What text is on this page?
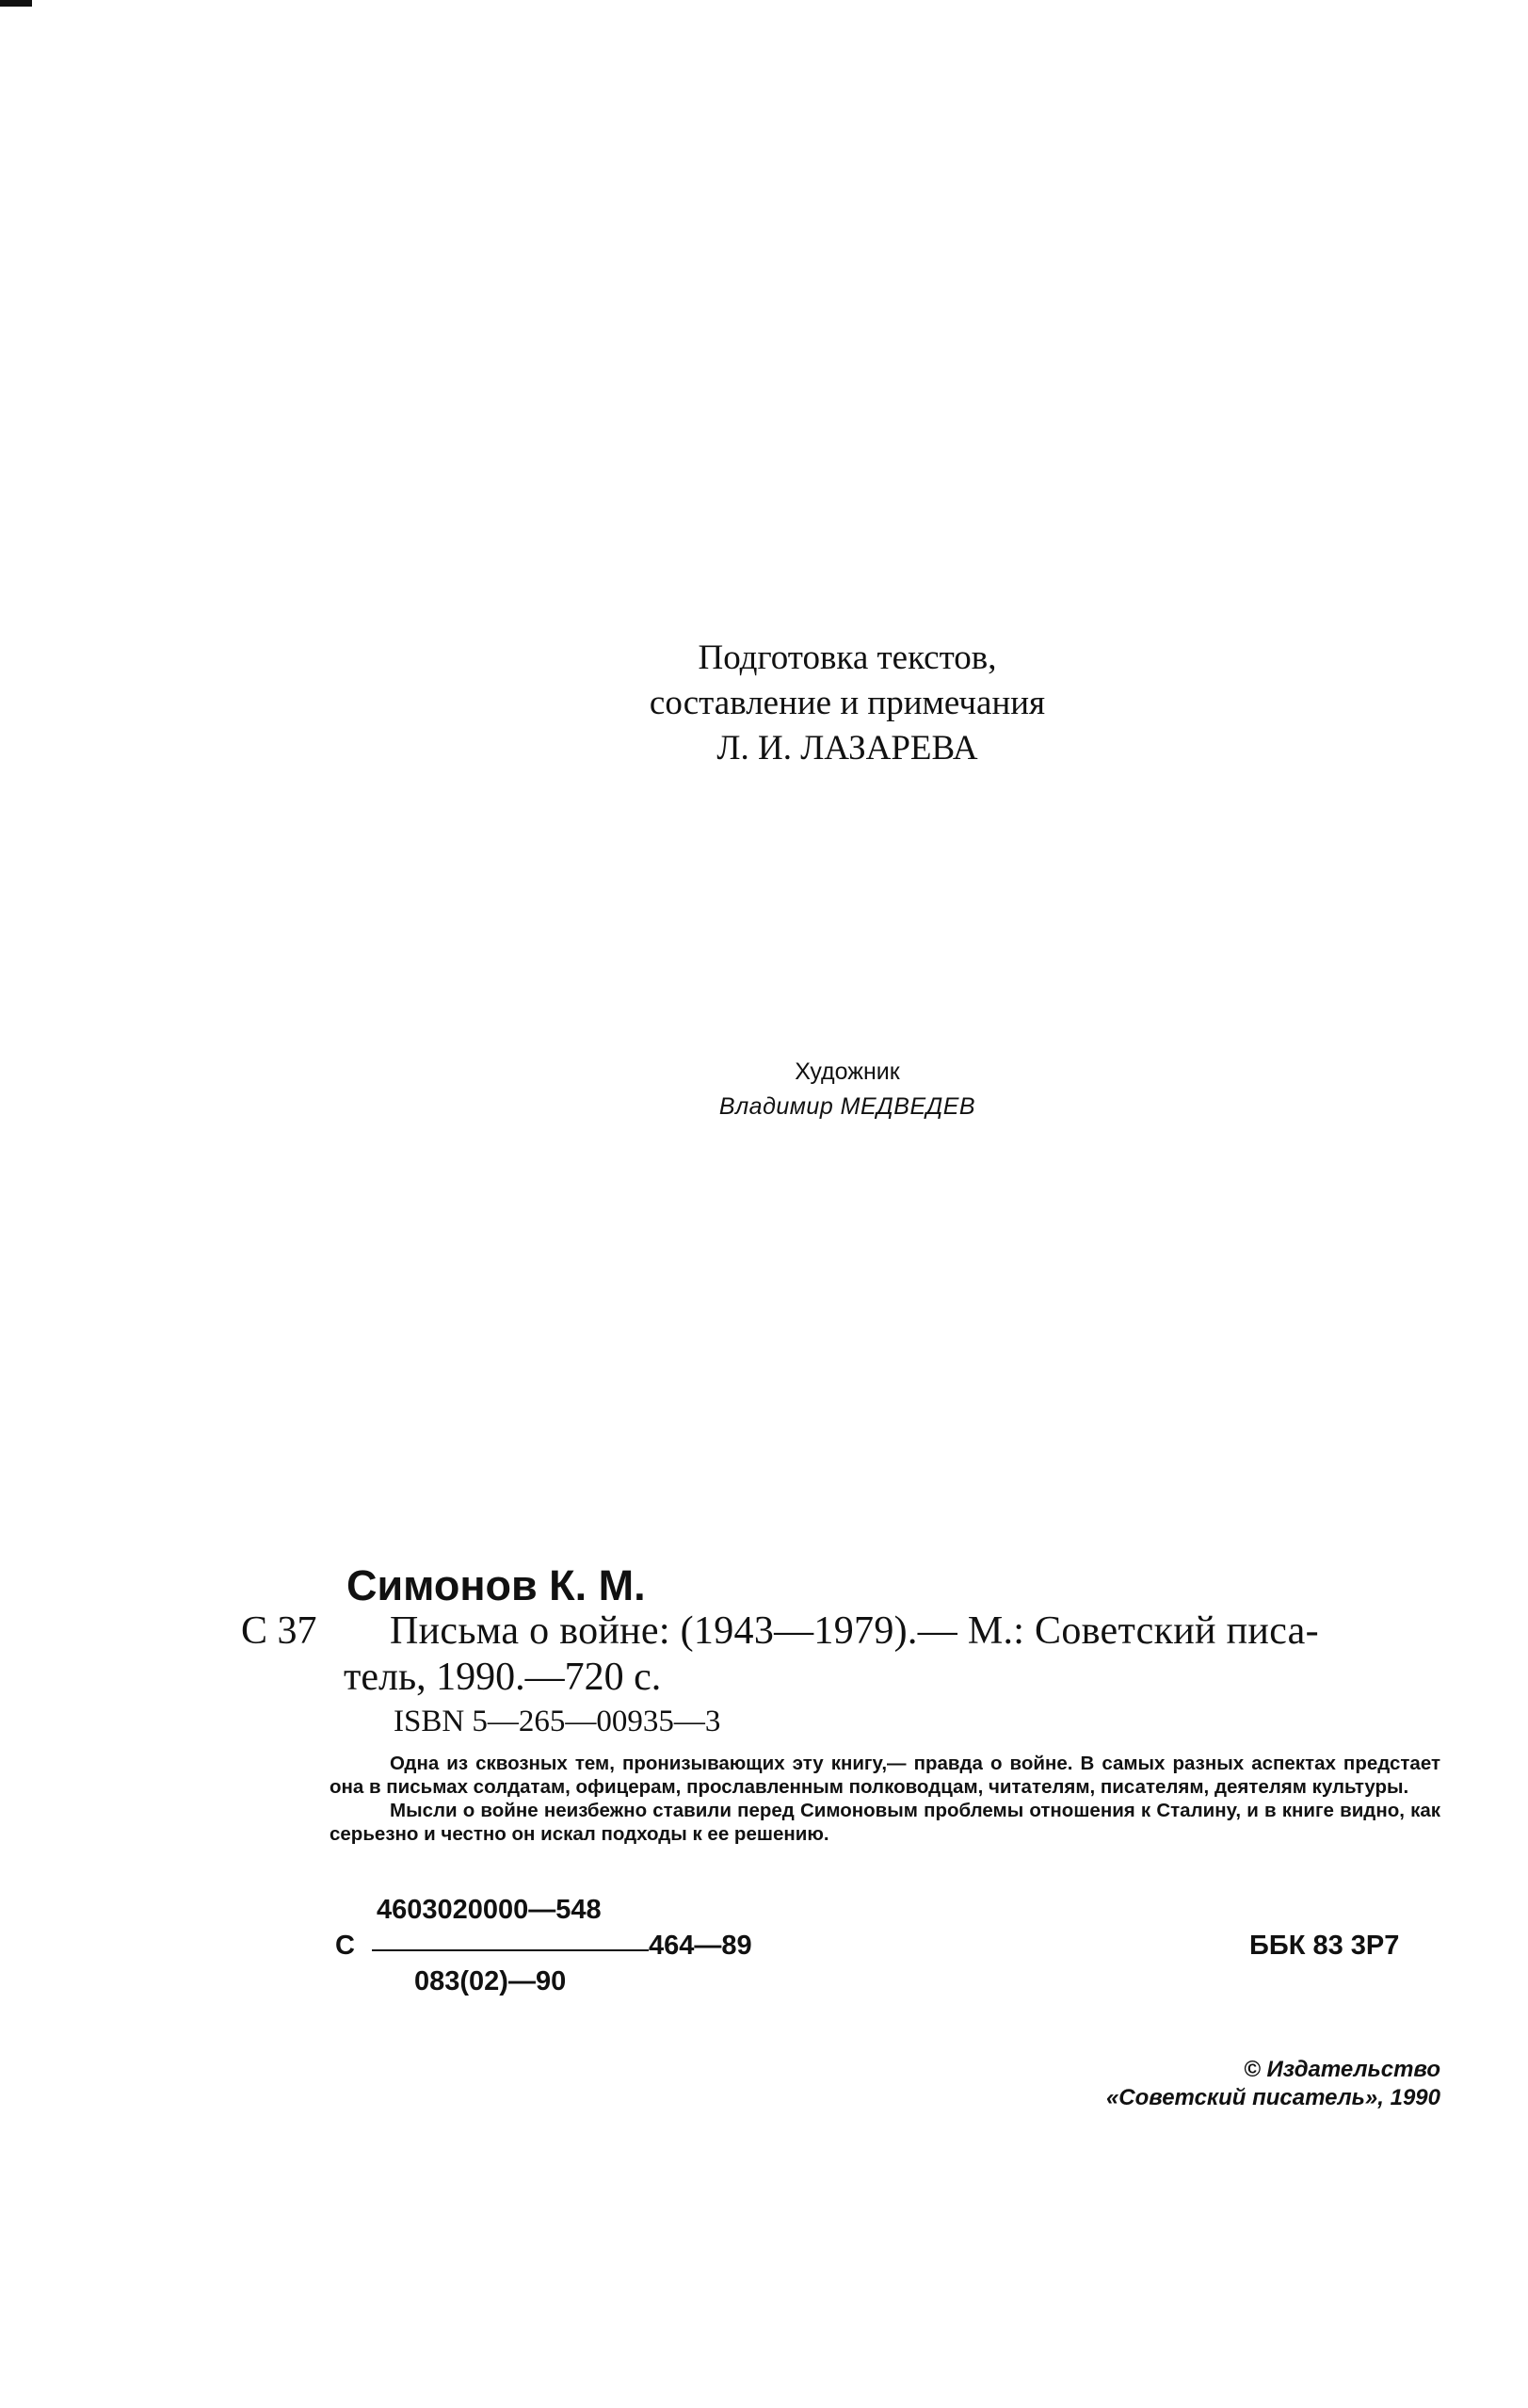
Подготовка текстов,
составление и примечания
Л. И. ЛАЗАРЕВА
Художник
Владимир МЕДВЕДЕВ
Симонов К. М.
С 37 Письма о войне: (1943—1979).— М.: Советский писа-
тель, 1990.—720 с.
ISBN 5—265—00935—3

Одна из сквозных тем, пронизывающих эту книгу,— правда о войне. В самых разных аспектах предстает она в письмах солдатам, офицерам, прославленным полководцам, читателям, писателям, деятелям культуры.

Мысли о войне неизбежно ставили перед Симоновым проблемы отношения к Сталину, и в книге видно, как серьезно и честно он искал подходы к ее решению.

4603020000—548
С	464—89
083(02)—90
ББК 83 3Р7
© Издательство
«Советский писатель», 1990
